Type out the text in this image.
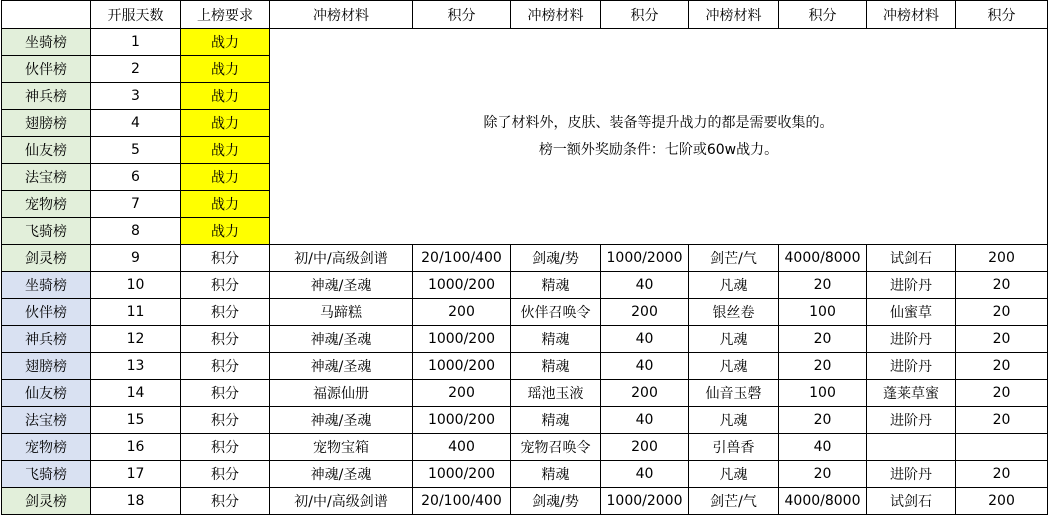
	开服天数	上榜要求	冲榜材料	积分	冲榜材料	积分	冲榜材料	积分	冲榜材料	积分
坐骑榜	1	战力	除了材料外，皮肤、装备等提升战力的都是需要收集的。
榜一额外奖励条件：七阶或60w战力。							

伙伴榜	2	战力								
神兵榜	3	战力								
翅膀榜	4	战力								
仙友榜	5	战力								
法宝榜	6	战力								
宠物榜	7	战力								
飞骑榜	8	战力								
剑灵榜	9	积分	初/中/高级剑谱	20/100/400	剑魂/势	1000/2000	剑芒/气	4000/8000	试剑石	200
坐骑榜	10	积分	神魂/圣魂	1000/200	精魂	40	凡魂	20	进阶丹	20
伙伴榜	11	积分	马蹄糕	200	伙伴召唤令	200	银丝卷	100	仙蜜草	20
神兵榜	12	积分	神魂/圣魂	1000/200	精魂	40	凡魂	20	进阶丹	20
翅膀榜	13	积分	神魂/圣魂	1000/200	精魂	40	凡魂	20	进阶丹	20
仙友榜	14	积分	福源仙册	200	瑶池玉液	200	仙音玉磬	100	蓬莱草蜜	20
法宝榜	15	积分	神魂/圣魂	1000/200	精魂	40	凡魂	20	进阶丹	20
宠物榜	16	积分	宠物宝箱	400	宠物召唤令	200	引兽香	40		
飞骑榜	17	积分	神魂/圣魂	1000/200	精魂	40	凡魂	20	进阶丹	20
剑灵榜	18	积分	初/中/高级剑谱	20/100/400	剑魂/势	1000/2000	剑芒/气	4000/8000	试剑石	200
